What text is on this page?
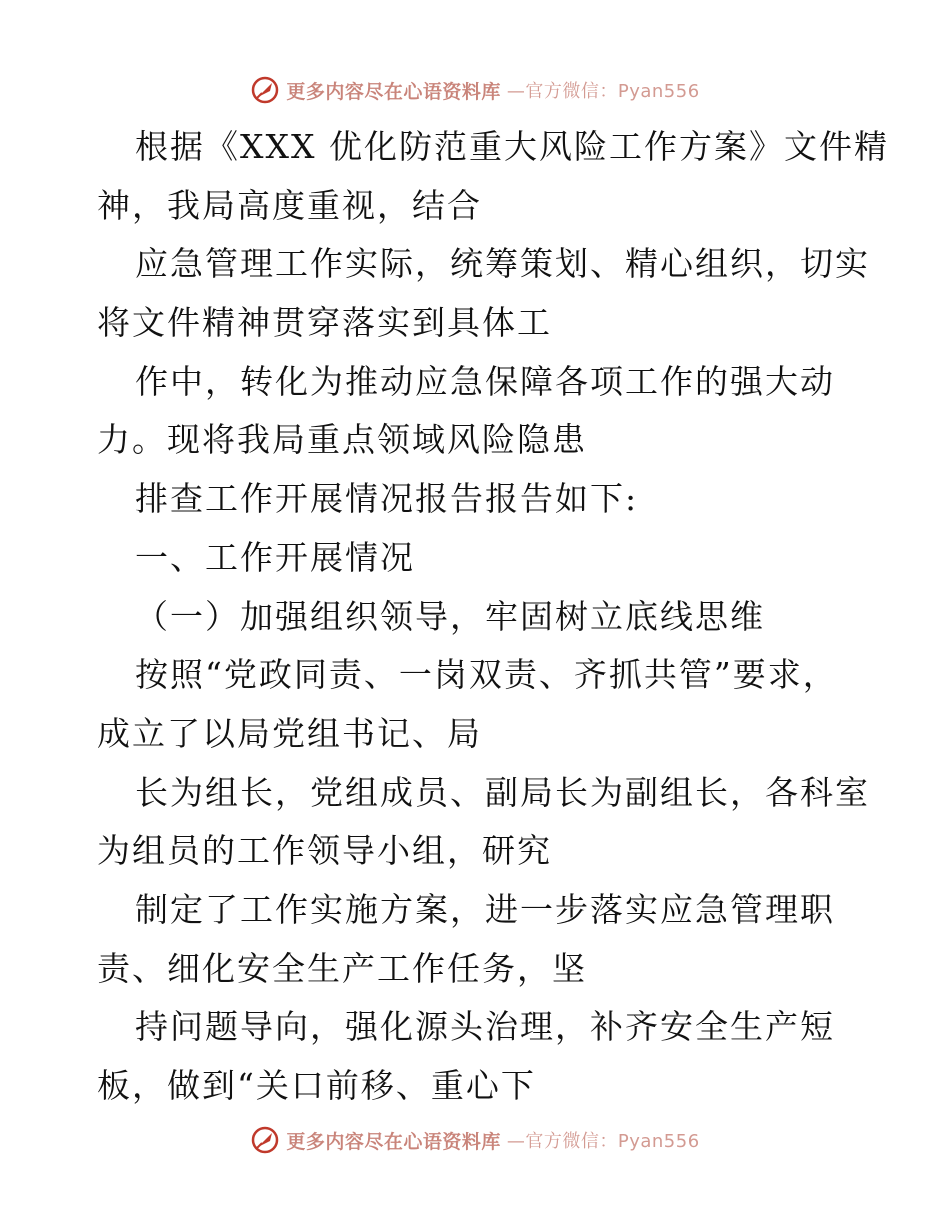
更多内容尽在心语资料库 —官方微信：Pyan556
根据《XXX 优化防范重大风险工作方案》文件精
神，我局高度重视，结合
应急管理工作实际，统筹策划、精心组织，切实
将文件精神贯穿落实到具体工
作中，转化为推动应急保障各项工作的强大动
力。现将我局重点领域风险隐患
排查工作开展情况报告报告如下:
一、工作开展情况
（一）加强组织领导，牢固树立底线思维
按照“党政同责、一岗双责、齐抓共管”要求，
成立了以局党组书记、局
长为组长，党组成员、副局长为副组长，各科室
为组员的工作领导小组，研究
制定了工作实施方案，进一步落实应急管理职
责、细化安全生产工作任务，坚
持问题导向，强化源头治理，补齐安全生产短
板，做到“关口前移、重心下
更多内容尽在心语资料库 —官方微信：Pyan556
